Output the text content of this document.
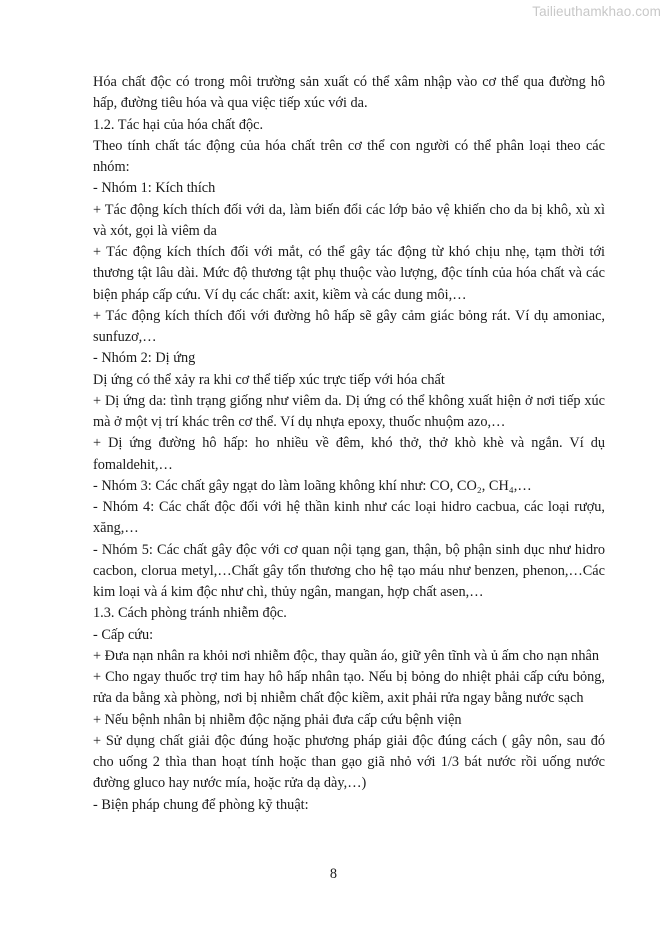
Tailieuthamkhao.com

Hóa chất độc có trong môi trường sản xuất có thể xâm nhập vào cơ thể qua đường hô hấp, đường tiêu hóa và qua việc tiếp xúc với da.

1.2. Tác hại của hóa chất độc.

Theo tính chất tác động của hóa chất trên cơ thể con người có thể phân loại theo các nhóm:

- Nhóm 1: Kích thích

+ Tác động kích thích đối với da, làm biến đổi các lớp bảo vệ khiến cho da bị khô, xù xì và xót, gọi là viêm da

+ Tác động kích thích đối với mắt, có thể gây tác động từ khó chịu nhẹ, tạm thời tới thương tật lâu dài. Mức độ thương tật phụ thuộc vào lượng, độc tính của hóa chất và các biện pháp cấp cứu. Ví dụ các chất: axit, kiềm và các dung môi,…

+ Tác động kích thích đối với đường hô hấp sẽ gây cảm giác bỏng rát. Ví dụ amoniac, sunfuzơ,…

- Nhóm 2: Dị ứng

Dị ứng có thể xảy ra khi cơ thể tiếp xúc trực tiếp với hóa chất

+ Dị ứng da: tình trạng giống như viêm da. Dị ứng có thể không xuất hiện ở nơi tiếp xúc mà ở một vị trí khác trên cơ thể. Ví dụ nhựa epoxy, thuốc nhuộm azo,…

+ Dị ứng đường hô hấp: ho nhiều về đêm, khó thở, thở khò khè và ngắn. Ví dụ fomaldehit,…

- Nhóm 3: Các chất gây ngạt do làm loãng không khí như: CO, CO₂, CH₄,…

- Nhóm 4: Các chất độc đối với hệ thần kinh như các loại hidro cacbua, các loại rượu, xăng,…

- Nhóm 5: Các chất gây độc với cơ quan nội tạng gan, thận, bộ phận sinh dục như hidro cacbon, clorua metyl,…Chất gây tổn thương cho hệ tạo máu như benzen, phenon,…Các kim loại và á kim độc như chì, thủy ngân, mangan, hợp chất asen,…

1.3. Cách phòng tránh nhiễm độc.

- Cấp cứu:

+ Đưa nạn nhân ra khỏi nơi nhiễm độc, thay quần áo, giữ yên tĩnh và ủ ấm cho nạn nhân

+ Cho ngay thuốc trợ tim hay hô hấp nhân tạo. Nếu bị bỏng do nhiệt phải cấp cứu bỏng, rửa da bằng xà phòng, nơi bị nhiễm chất độc kiềm, axit phải rửa ngay bằng nước sạch

+ Nếu bệnh nhân bị nhiễm độc nặng phải đưa cấp cứu bệnh viện

+ Sử dụng chất giải độc đúng hoặc phương pháp giải độc đúng cách ( gây nôn, sau đó cho uống 2 thìa than hoạt tính hoặc than gạo giã nhỏ với 1/3 bát nước rồi uống nước đường gluco hay nước mía, hoặc rửa dạ dày,…)

- Biện pháp chung để phòng kỹ thuật:

8
